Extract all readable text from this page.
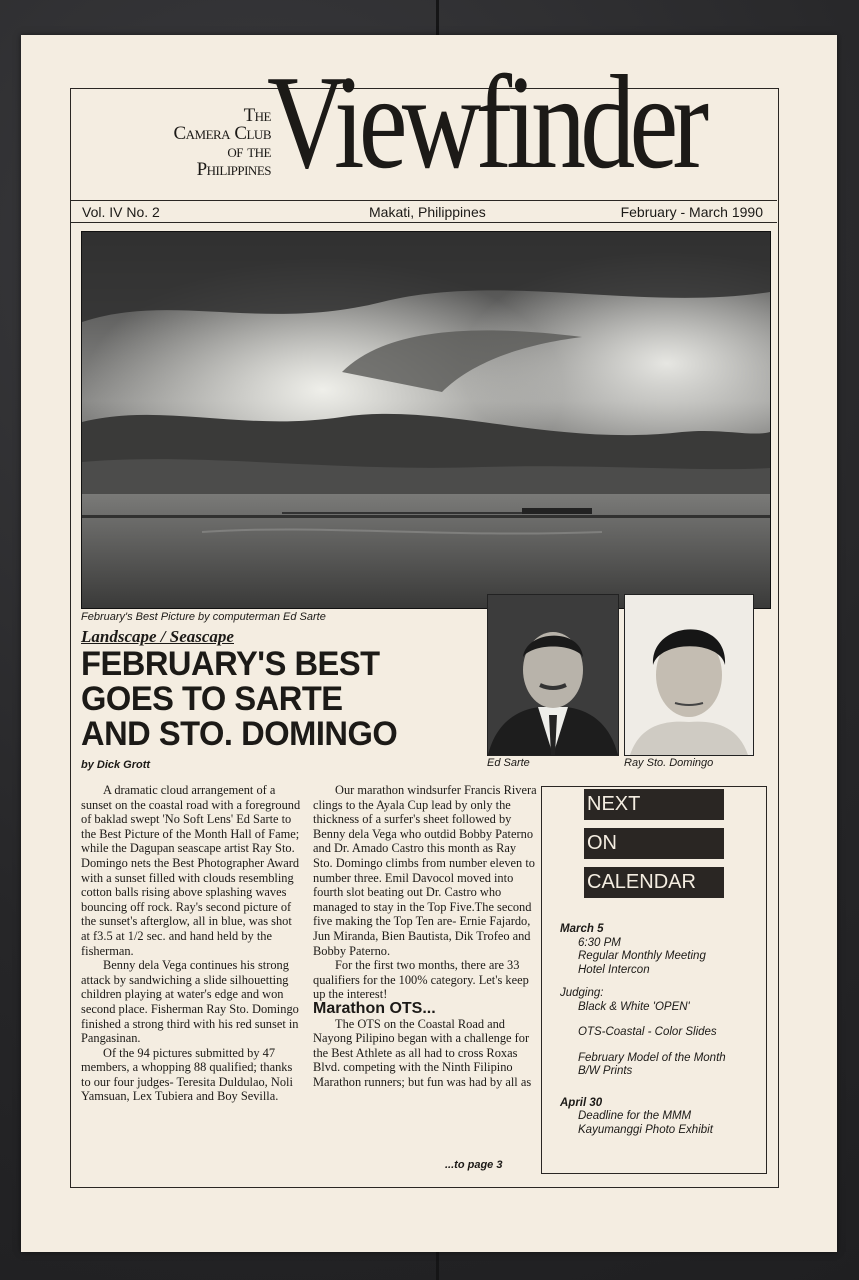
The
Camera Club
of the
Philippines
Viewfinder
Vol. IV No. 2	Makati, Philippines	February - March 1990
February's Best Picture by computerman Ed Sarte
Ed Sarte	Ray Sto. Domingo
Landscape / Seascape
FEBRUARY'S BEST
GOES TO SARTE
AND STO. DOMINGO
by Dick Grott

A dramatic cloud arrangement of a sunset on the coastal road with a foreground of baklad swept 'No Soft Lens' Ed Sarte to the Best Picture of the Month Hall of Fame; while the Dagupan seascape artist Ray Sto. Domingo nets the Best Photographer Award with a sunset filled with clouds resembling cotton balls rising above splashing waves bouncing off rock. Ray's second picture of the sunset's afterglow, all in blue, was shot at f3.5 at 1/2 sec. and hand held by the fisherman.

Benny dela Vega continues his strong attack by sandwiching a slide silhouetting children playing at water's edge and won second place. Fisherman Ray Sto. Domingo finished a strong third with his red sunset in Pangasinan.

Of the 94 pictures submitted by 47 members, a whopping 88 qualified; thanks to our four judges- Teresita Duldulao, Noli Yamsuan, Lex Tubiera and Boy Sevilla.

Our marathon windsurfer Francis Rivera clings to the Ayala Cup lead by only the thickness of a surfer's sheet followed by Benny dela Vega who outdid Bobby Paterno and Dr. Amado Castro this month as Ray Sto. Domingo climbs from number eleven to number three. Emil Davocol moved into fourth slot beating out Dr. Castro who managed to stay in the Top Five.The second five making the Top Ten are- Ernie Fajardo, Jun Miranda, Bien Bautista, Dik Trofeo and Bobby Paterno.

For the first two months, there are 33 qualifiers for the 100% category. Let's keep up the interest!

Marathon OTS...

The OTS on the Coastal Road and Nayong Pilipino began with a challenge for the Best Athlete as all had to cross Roxas Blvd. competing with the Ninth Filipino Marathon runners; but fun was had by all as

...to page 3
NEXT
ON
CALENDAR
March 5
6:30 PM
Regular Monthly Meeting
Hotel Intercon
Judging:
Black & White 'OPEN'
OTS-Coastal - Color Slides
February Model of the Month
B/W Prints
April 30
Deadline for the MMM
Kayumanggi Photo Exhibit
